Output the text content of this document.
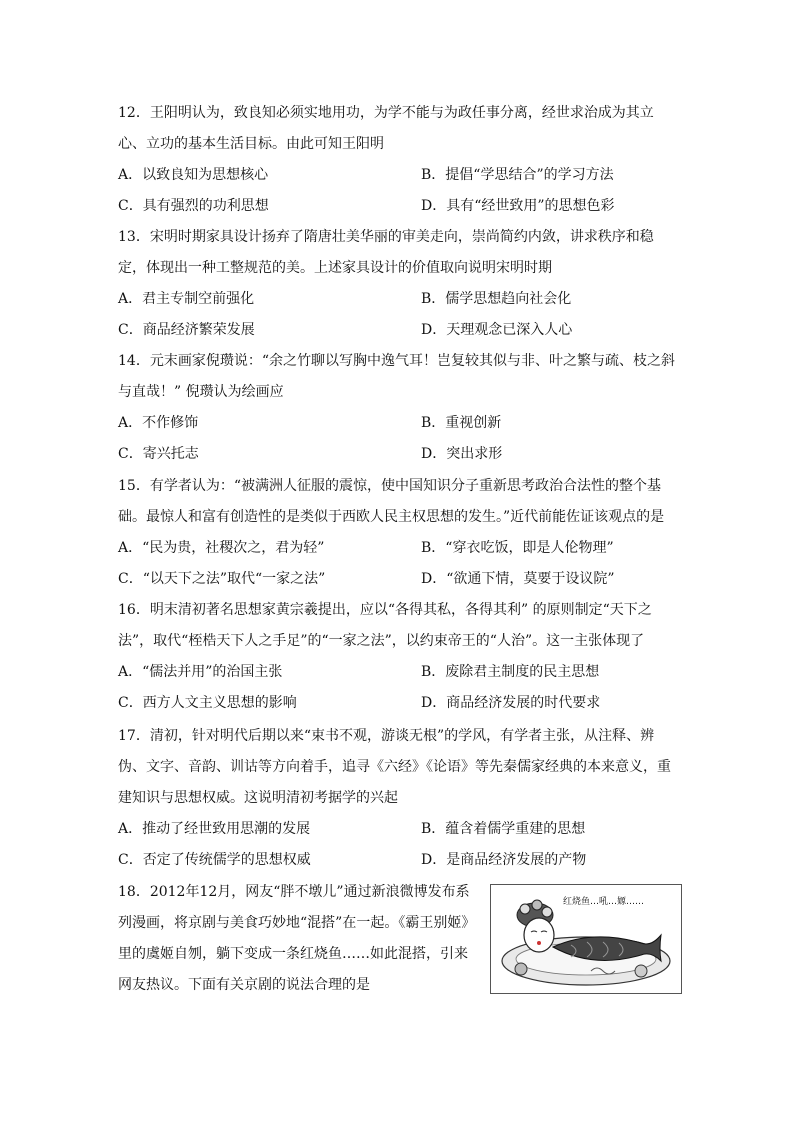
12．王阳明认为，致良知必须实地用功，为学不能与为政任事分离，经世求治成为其立心、立功的基本生活目标。由此可知王阳明

A．以致良知为思想核心	B．提倡“学思结合”的学习方法
C．具有强烈的功利思想	D．具有“经世致用”的思想色彩

13．宋明时期家具设计扬弃了隋唐壮美华丽的审美走向，崇尚简约内敛，讲求秩序和稳定，体现出一种工整规范的美。上述家具设计的价值取向说明宋明时期

A．君主专制空前强化	B．儒学思想趋向社会化
C．商品经济繁荣发展	D．天理观念已深入人心

14．元末画家倪瓒说：“余之竹聊以写胸中逸气耳！岂复较其似与非、叶之繁与疏、枝之斜与直哉！” 倪瓒认为绘画应

A．不作修饰	B．重视创新
C．寄兴托志	D．突出求形

15．有学者认为：“被满洲人征服的震惊，使中国知识分子重新思考政治合法性的整个基础。最惊人和富有创造性的是类似于西欧人民主权思想的发生。”近代前能佐证该观点的是

A．“民为贵，社稷次之，君为轻”	B．“穿衣吃饭，即是人伦物理”
C．“以天下之法”取代“一家之法”	D．“欲通下情，莫要于设议院”

16．明末清初著名思想家黄宗羲提出，应以“各得其私，各得其利” 的原则制定“天下之法”，取代“桎梏天下人之手足”的“一家之法”，以约束帝王的“人治”。这一主张体现了

A．“儒法并用”的治国主张	B．废除君主制度的民主思想
C．西方人文主义思想的影响	D．商品经济发展的时代要求

17．清初，针对明代后期以来“束书不观，游谈无根”的学风，有学者主张，从注释、辨伪、文字、音韵、训诂等方向着手，追寻《六经》《论语》等先秦儒家经典的本来意义，重建知识与思想权威。这说明清初考据学的兴起

A．推动了经世致用思潮的发展	B．蕴含着儒学重建的思想
C．否定了传统儒学的思想权威	D．是商品经济发展的产物

18．2012年12月，网友“胖不墩儿”通过新浪微博发布系列漫画，将京剧与美食巧妙地“混搭”在一起。《霸王别姬》里的虞姬自刎，躺下变成一条红烧鱼……如此混搭，引来网友热议。下面有关京剧的说法合理的是

红烧鱼…吼…嫄……
